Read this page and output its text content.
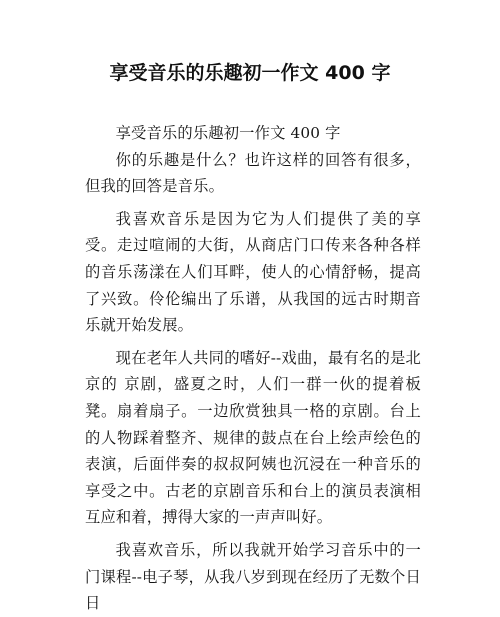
享受音乐的乐趣初一作文 400 字

享受音乐的乐趣初一作文 400 字

你的乐趣是什么？也许这样的回答有很多，但我的回答是音乐。

我喜欢音乐是因为它为人们提供了美的享受。走过喧闹的大街，从商店门口传来各种各样的音乐荡漾在人们耳畔，使人的心情舒畅，提高了兴致。伶伦编出了乐谱，从我国的远古时期音乐就开始发展。

现在老年人共同的嗜好--戏曲，最有名的是北京的 京剧，盛夏之时，人们一群一伙的提着板凳。扇着扇子。一边欣赏独具一格的京剧。台上的人物踩着整齐、规律的鼓点在台上绘声绘色的表演，后面伴奏的叔叔阿姨也沉浸在一种音乐的享受之中。古老的京剧音乐和台上的演员表演相互应和着，搏得大家的一声声叫好。

我喜欢音乐，所以我就开始学习音乐中的一门课程--电子琴，从我八岁到现在经历了无数个日日
